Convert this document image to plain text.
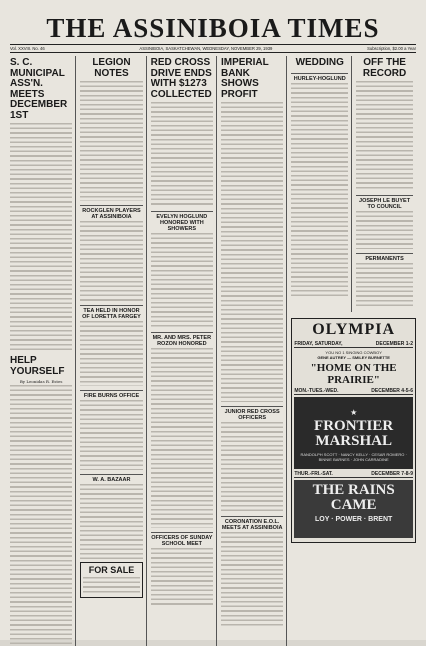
THE ASSINIBOIA TIMES
Vol. XXVIII. No. 46	ASSINIBOIA, SASKATCHEWAN, WEDNESDAY, NOVEMBER 29, 1939	Subscription, $2.00 a Year
S. C. MUNICIPAL ASS'N. MEETS DECEMBER 1ST
HELP YOURSELF
By Leonidas R. Estes
LEGION NOTES
ROCKGLEN PLAYERS AT ASSINIBOIA
TEA HELD IN HONOR OF LORETTA FARGEY
FIRE BURNS OFFICE
W. A. BAZAAR
FOR SALE
RED CROSS DRIVE ENDS WITH $1273 COLLECTED
EVELYN HOGLUND HONORED WITH SHOWERS
MR. AND MRS. PETER ROZON HONORED
OFFICERS OF SUNDAY SCHOOL MEET
IMPERIAL BANK SHOWS PROFIT
JUNIOR RED CROSS OFFICERS
CORONATION E.O.L. MEETS AT ASSINIBOIA
WEDDING
HURLEY-HOGLUND
OFF THE RECORD
JOSEPH LE BUYET TO COUNCIL
PERMANENTS
OLYMPIA
FRIDAY, SATURDAY,	DECEMBER 1-2
YOU NO 1 SINGING COWBOY
GENE AUTREY — SMILEY BURNETTE
"HOME ON THE PRAIRIE"
MON.-TUES.-WED.	DECEMBER 4-5-6
★
FRONTIER MARSHAL
RANDOLPH SCOTT · NANCY KELLY · CESAR ROMERO · BINNIE BARNES · JOHN CARRADINE
THUR.-FRI.-SAT.	DECEMBER 7-8-9
THE RAINS CAME
LOY · POWER · BRENT
